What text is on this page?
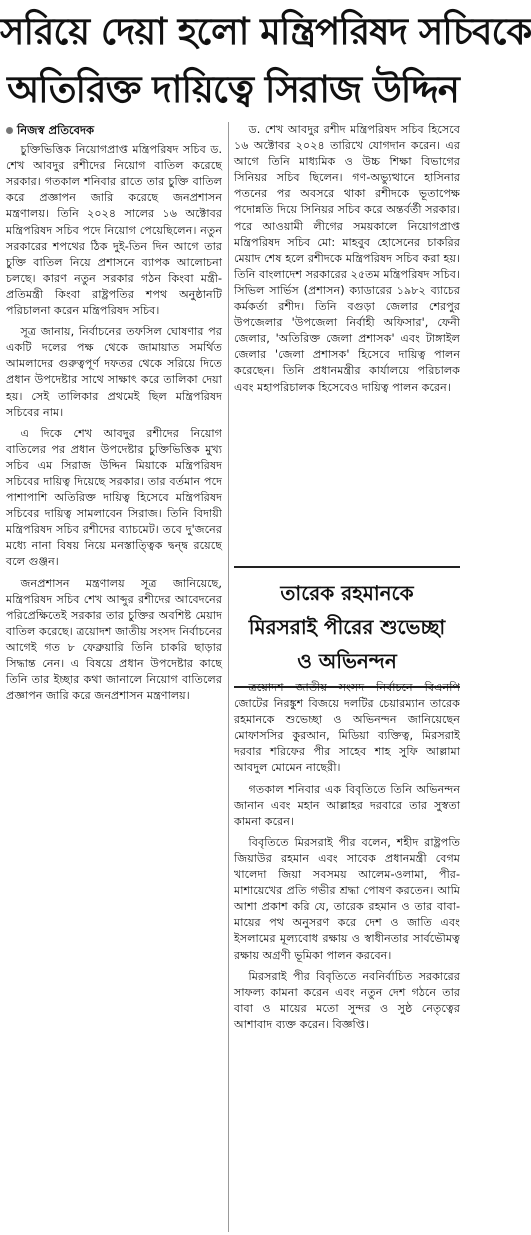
সরিয়ে দেয়া হলো মন্ত্রিপরিষদ সচিবকে
অতিরিক্ত দায়িত্বে সিরাজ উদ্দিন
নিজস্ব প্রতিবেদক

চুক্তিভিত্তিক নিয়োগপ্রাপ্ত মন্ত্রিপরিষদ সচিব ড. শেখ আবদুর রশীদের নিয়োগ বাতিল করেছে সরকার। গতকাল শনিবার রাতে তার চুক্তি বাতিল করে প্রজ্ঞাপন জারি করেছে জনপ্রশাসন মন্ত্রণালয়। তিনি ২০২৪ সালের ১৬ অক্টোবর মন্ত্রিপরিষদ সচিব পদে নিয়োগ পেয়েছিলেন। নতুন সরকারের শপথের ঠিক দুই-তিন দিন আগে তার চুক্তি বাতিল নিয়ে প্রশাসনে ব্যাপক আলোচনা চলছে। কারণ নতুন সরকার গঠন কিংবা মন্ত্রী-প্রতিমন্ত্রী কিংবা রাষ্ট্রপতির শপথ অনুষ্ঠানটি পরিচালনা করেন মন্ত্রিপরিষদ সচিব।

সূত্র জানায়, নির্বাচনের তফসিল ঘোষণার পর একটি দলের পক্ষ থেকে জামায়াত সমর্থিত আমলাদের গুরুত্বপূর্ণ দফতর থেকে সরিয়ে দিতে প্রধান উপদেষ্টার সাথে সাক্ষাৎ করে তালিকা দেয়া হয়। সেই তালিকার প্রথমেই ছিল মন্ত্রিপরিষদ সচিবের নাম।

এ দিকে শেখ আবদুর রশীদের নিয়োগ বাতিলের পর প্রধান উপদেষ্টার চুক্তিভিত্তিক মুখ্য সচিব এম সিরাজ উদ্দিন মিয়াকে মন্ত্রিপরিষদ সচিবের দায়িত্ব দিয়েছে সরকার। তার বর্তমান পদে পাশাপাশি অতিরিক্ত দায়িত্ব হিসেবে মন্ত্রিপরিষদ সচিবের দায়িত্ব সামলাবেন সিরাজ। তিনি বিদায়ী মন্ত্রিপরিষদ সচিব রশীদের ব্যাচমেট। তবে দু'জনের মধ্যে নানা বিষয় নিয়ে মনস্তাত্ত্বিক দ্বন্দ্ব রয়েছে বলে গুঞ্জন।

জনপ্রশাসন মন্ত্রণালয় সূত্র জানিয়েছে, মন্ত্রিপরিষদ সচিব শেখ আব্দুর রশীদের আবেদনের পরিপ্রেক্ষিতেই সরকার তার চুক্তির অবশিষ্ট মেয়াদ বাতিল করেছে। ত্রয়োদশ জাতীয় সংসদ নির্বাচনের আগেই গত ৮ ফেব্রুয়ারি তিনি চাকরি ছাড়ার সিদ্ধান্ত নেন। এ বিষয়ে প্রধান উপদেষ্টার কাছে তিনি তার ইচ্ছার কথা জানালে নিয়োগ বাতিলের প্রজ্ঞাপন জারি করে জনপ্রশাসন মন্ত্রণালয়।

ড. শেখ আবদুর রশীদ মন্ত্রিপরিষদ সচিব হিসেবে ১৬ অক্টোবর ২০২৪ তারিখে যোগদান করেন। এর আগে তিনি মাধ্যমিক ও উচ্চ শিক্ষা বিভাগের সিনিয়র সচিব ছিলেন। গণ-অভ্যুত্থানে হাসিনার পতনের পর অবসরে থাকা রশীদকে ভূতাপেক্ষ পদোন্নতি দিয়ে সিনিয়র সচিব করে অন্তর্বর্তী সরকার। পরে আওয়ামী লীগের সময়কালে নিয়োগপ্রাপ্ত মন্ত্রিপরিষদ সচিব মো: মাহবুব হোসেনের চাকরির মেয়াদ শেষ হলে রশীদকে মন্ত্রিপরিষদ সচিব করা হয়। তিনি বাংলাদেশ সরকারের ২৫তম মন্ত্রিপরিষদ সচিব। সিভিল সার্ভিস (প্রশাসন) ক্যাডারের ১৯৮২ ব্যাচের কর্মকর্তা রশীদ। তিনি বগুড়া জেলার শেরপুর উপজেলার 'উপজেলা নির্বাহী অফিসার', ফেনী জেলার, 'অতিরিক্ত জেলা প্রশাসক' এবং টাঙ্গাইল জেলার 'জেলা প্রশাসক' হিসেবে দায়িত্ব পালন করেছেন। তিনি প্রধানমন্ত্রীর কার্যালয়ে পরিচালক এবং মহাপরিচালক হিসেবেও দায়িত্ব পালন করেন।

তারেক রহমানকে
মিরসরাই পীরের শুভেচ্ছা
ও অভিনন্দন

ত্রয়োদশ জাতীয় সংসদ নির্বাচনে বিএনপি জোটের নিরঙ্কুশ বিজয়ে দলটির চেয়ারম্যান তারেক রহমানকে শুভেচ্ছা ও অভিনন্দন জানিয়েছেন মোফাসসির কুরআন, মিডিয়া ব্যক্তিত্ব, মিরসরাই দরবার শরিফের পীর সাহেব শাহ সুফি আল্লামা আবদুল মোমেন নাছেরী।

গতকাল শনিবার এক বিবৃতিতে তিনি অভিনন্দন জানান এবং মহান আল্লাহর দরবারে তার সুস্বতা কামনা করেন।

বিবৃতিতে মিরসরাই পীর বলেন, শহীদ রাষ্ট্রপতি জিয়াউর রহমান এবং সাবেক প্রধানমন্ত্রী বেগম খালেদা জিয়া সবসময় আলেম-ওলামা, পীর-মাশায়েখের প্রতি গভীর শ্রদ্ধা পোষণ করতেন। আমি আশা প্রকাশ করি যে, তারেক রহমান ও তার বাবা-মায়ের পথ অনুসরণ করে দেশ ও জাতি এবং ইসলামের মূল্যবোধ রক্ষায় ও স্বাধীনতার সার্বভৌমত্ব রক্ষায় অগ্রণী ভূমিকা পালন করবেন।

মিরসরাই পীর বিবৃতিতে নবনির্বাচিত সরকারের সাফল্য কামনা করেন এবং নতুন দেশ গঠনে তার বাবা ও মায়ের মতো সুন্দর ও সুষ্ঠ নেতৃত্বের আশাবাদ ব্যক্ত করেন। বিজ্ঞপ্তি।
